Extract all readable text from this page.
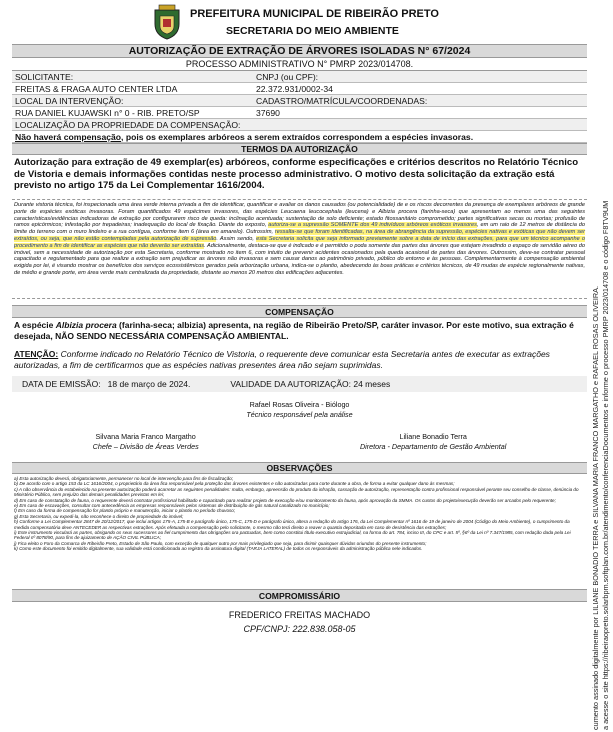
PREFEITURA MUNICIPAL DE RIBEIRÃO PRETO
SECRETARIA DO MEIO AMBIENTE
AUTORIZAÇÃO DE EXTRAÇÃO DE ÁRVORES ISOLADAS N° 67/2024
PROCESSO ADMINISTRATIVO N° PMRP 2023/014708.
SOLICITANTE:	CNPJ (ou CPF):
FREITAS & FRAGA AUTO CENTER LTDA	22.372.931/0002-34
LOCAL DA INTERVENÇÃO:	CADASTRO/MATRÍCULA/COORDENADAS:
RUA DANIEL KUJAWSKI n° 0 - RIB. PRETO/SP	37690
LOCALIZAÇÃO DA PROPRIEDADE DA COMPENSAÇÃO:
Não haverá compensação, pois os exemplares arbóreos a serem extraídos correspondem a espécies invasoras.
TERMOS DA AUTORIZAÇÃO
Autorização para extração de 49 exemplar(es) arbóreos, conforme especificações e critérios descritos no Relatório Técnico de Vistoria e demais informações contidas neste processo administrativo. O motivo desta solicitação da extração está previsto no artigo 175 da Lei Complementar 1616/2004.
Durante vistoria técnica, foi inspecionada uma área verde interna privada a fim de identificar, quantificar e avaliar os danos causados (ou potencialidade) de e os riscos decorrentes da presença de exemplares arbóreos de grande porte de espécies exóticas invasoras. Foram quantificados 49 espécimes invasores, das espécies Leucaena leucocephala (leucena) e Albizia procera (farinha-seca) que apresentam ao menos uma das seguintes características/evidências indicadoras de extração por configurarem risco de queda: inclinação acentuada; sustentação de solo deficiente; estado fitossanitário comprometido; partes significativas secas ou mortas; profusão de ramos epicórmicos; infestação por trepadeiras; inadequação do local de fixação. Diante do exposto, autoriza-se a supressão SOMENTE dos 49 indivíduos arbóreos exóticos invasores, em um raio de 12 metros de distância do limite do terreno com o muro lindeiro e a rua contígua, conforme item 6 (área em amarelo). Outrossim, ressalta-se que foram identificadas, na área de abrangência da supressão, espécies nativas e exóticas que não devem ser extraídos, ou seja, que não estão contempladas pela autorização de supressão. Assim sendo, esta Secretaria solicita que seja informado previamente sobre a data de início das extrações, para que um técnico acompanhe o procedimento a fim de identificar as espécies que não deverão ser extraídas. Adicionalmente, destaca-se que é indicado e é permitido o poda somente das partes das árvores que estejam invadindo o espaço de servidão aéreo do imóvel, sem a necessidade de autorização por esta Secretaria, conforme mostrado no item 6, com intuito de prevenir acidentes ocasionados pela queda acasional de partes das árvores. Outrossim, deve-se contratar pessoal capacitado e regulamentado para que realize a extração sem prejudicar as árvores não invasoras e sem causar danos ao patrimônio privado, público do entorno e às pessoas. Complementarmente à compensação ambiental exigida por lei, é visando mostrar os benefícios dos serviços ecossistêmicos gerados pela arborização urbana, indica-se o plantio, abedecendo às boas práticas e critérios técnicos, de 49 mudas de espécie regionalmente nativas, de médio e grande porte, em área verde mais centralizada da propriedade, distante ao menos 20 metros das edificações adjacentes.
COMPENSAÇÃO
A espécie Albizia procera (farinha-seca; albizia) apresenta, na região de Ribeirão Preto/SP, caráter invasor. Por este motivo, sua extração é desejada, NÃO SENDO NECESSÁRIA COMPENSAÇÃO AMBIENTAL.
ATENÇÃO: Conforme indicado no Relatório Técnico de Vistoria, o requerente deve comunicar esta Secretaria antes de executar as extrações autorizadas, a fim de certificarmos que as espécies nativas presentes área não sejam suprimidas.
DATA DE EMISSÃO: 18 de março de 2024.	VALIDADE DA AUTORIZAÇÃO: 24 meses
Rafael Rosas Oliveira - Biólogo
Técnico responsável pela análise
Silvana Maria Franco Margatho
Chefe – Divisão de Áreas Verdes
Liliane Bonadio Terra
Diretora - Departamento de Gestão Ambiental
OBSERVAÇÕES
a) Esta autorização deverá, obrigatoriamente, permanecer no local de intervenção para fins de fiscalização;
b) De acordo com o artigo 153 da LC 1616/2004, o proprietário da área fica responsável pela proteção das árvores existentes e não autorizadas para corte durante a obra, de forma a evitar qualquer dano às mesmas;
c) A não observância do estabelecido na presente autorização poderá acarretar as seguintes penalidades: multa, embargo, apreensão do produto da infração, cassação de autorização, representação contra profissional responsável perante seu conselho de classe, denúncia do Ministério Público, sem prejuízo das demais penalidades previstas em lei;
d) Em caso de constatação de fauna, o requerente deverá contratar profissional habilitado e capacitado para realizar projeto de execução e/ou monitoramento da fauna, após aprovação da SMMA. Os custos do projeto/execução deverão ser arcados pelo requerente;
e) Em caso de escavações, consultar com antecedência as empresas responsáveis pelos sistemas de distribuição de gás natural canalizado no município;
f) Em caso da forma de compensação for plantio próprio e manutenção, iniciar o plantio no período chuvoso;
g) Esta Secretaria, ou expedi-la, não reconhece o direito de propriedade do imóvel;
h) Conforme a Lei Complementar 2847 de 20/12/2017, que inclui artigos 175-A, 175-B e parágrafo único, 175-C, 175-D e parágrafo único, altera a redação do artigo 176, da Lei Complementar nº 1616 de 19 de janeiro de 2004 (Código do Meio Ambiente), o cumprimento da medida compensatória deve ANTECEDER as respectivas extrações. Após efetuada a compensação pelo solicitante, o mesmo não terá direito a reaver a quantia depositada em caso de desistência das extrações;
i) Este instrumento vinculará as partes, obrigando os seus sucessores ao fiel cumprimento das obrigações ora pactuadas, bem como constitui título executivo extrajudicial, na forma do art. 784, inciso III, do CPC e art. 5º, §6º da Lei nº 7.347/1985, com redação dada pela Lei Federal nº 8078/90, para fins de ajuizamento de AÇÃO CIVIL PÚBLICA;
j) Fica eleito o Foro da Comarca de Ribeirão Preto, Estado de São Paulo, com exceção de qualquer outro por mais privilegiado que seja, para dirimir quaisquer dúvidas oriundas do presente instrumento;
k) Como este documento foi emitido digitalmente, sua validade está condicionada ao registro da assinatura digital (TARJA LATERAL) de todos os responsáveis da administração pública nele indicados.
COMPROMISSÁRIO
FREDERICO FREITAS MACHADO
CPF/CNPJ: 222.838.058-05	cumento assinado digitalmente por LILIANE BONADIO TERRA e SILVANA MARIA FRANCO MARGATHO e RAFAEL ROSAS OLIVEIRA. a acesse o site https://ribeiraopreto.solarbpm.softplan.com.br/atendimento/conferenciaDocumentos e informe o processo PMRP 2023/014708 e o código F8TV9UM
